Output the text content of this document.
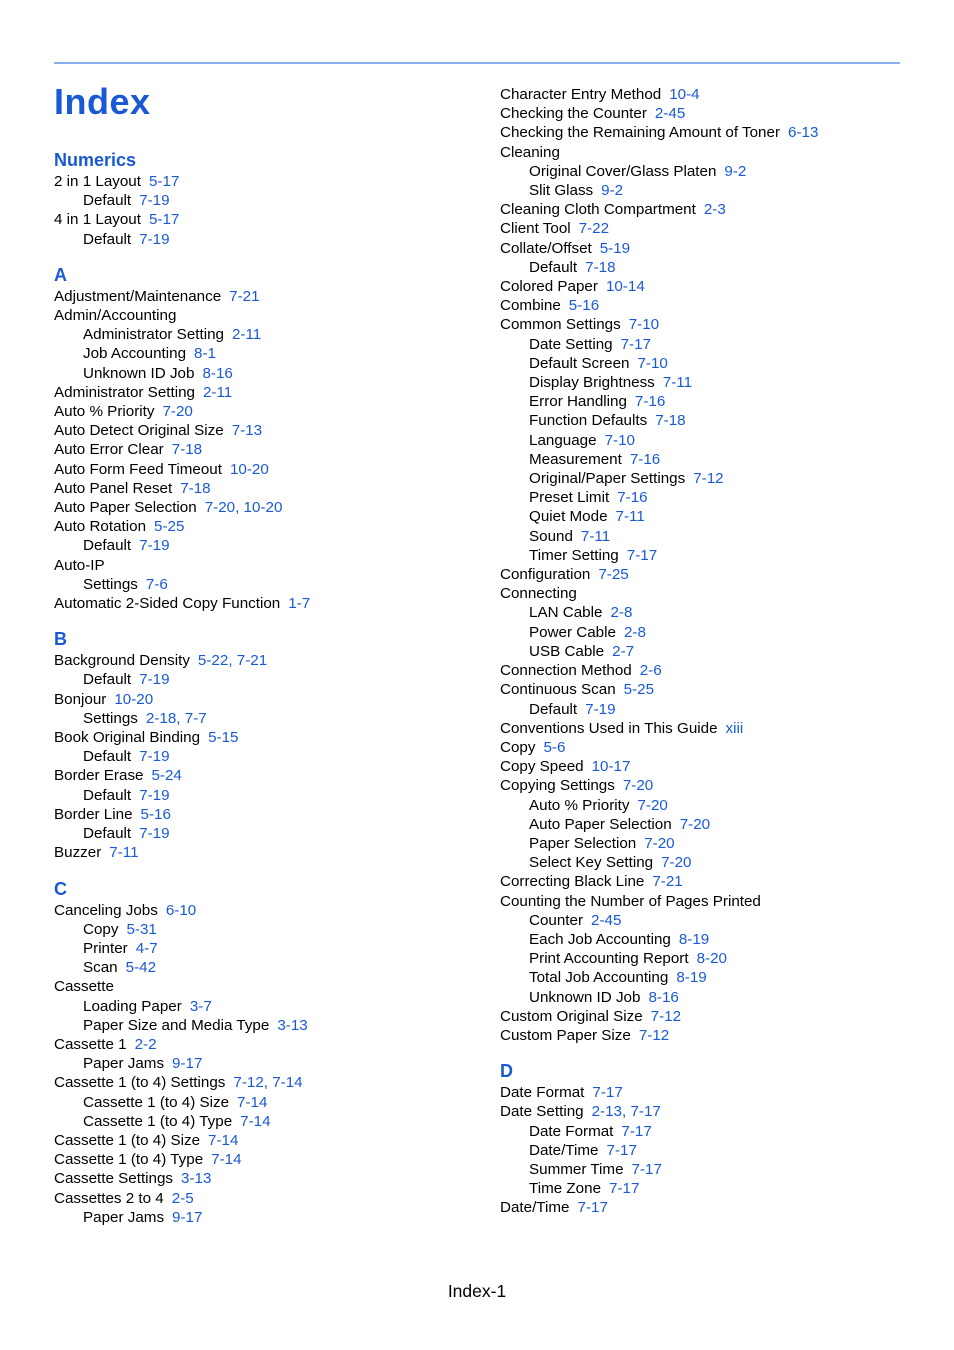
Index
Numerics
2 in 1 Layout 5-17
Default 7-19
4 in 1 Layout 5-17
Default 7-19
A
Adjustment/Maintenance 7-21
Admin/Accounting
Administrator Setting 2-11
Job Accounting 8-1
Unknown ID Job 8-16
Administrator Setting 2-11
Auto % Priority 7-20
Auto Detect Original Size 7-13
Auto Error Clear 7-18
Auto Form Feed Timeout 10-20
Auto Panel Reset 7-18
Auto Paper Selection 7-20, 10-20
Auto Rotation 5-25
Default 7-19
Auto-IP
Settings 7-6
Automatic 2-Sided Copy Function 1-7
B
Background Density 5-22, 7-21
Default 7-19
Bonjour 10-20
Settings 2-18, 7-7
Book Original Binding 5-15
Default 7-19
Border Erase 5-24
Default 7-19
Border Line 5-16
Default 7-19
Buzzer 7-11
C
Canceling Jobs 6-10
Copy 5-31
Printer 4-7
Scan 5-42
Cassette
Loading Paper 3-7
Paper Size and Media Type 3-13
Cassette 1 2-2
Paper Jams 9-17
Cassette 1 (to 4) Settings 7-12, 7-14
Cassette 1 (to 4) Size 7-14
Cassette 1 (to 4) Type 7-14
Cassette 1 (to 4) Size 7-14
Cassette 1 (to 4) Type 7-14
Cassette Settings 3-13
Cassettes 2 to 4 2-5
Paper Jams 9-17
Character Entry Method 10-4
Checking the Counter 2-45
Checking the Remaining Amount of Toner 6-13
Cleaning
Original Cover/Glass Platen 9-2
Slit Glass 9-2
Cleaning Cloth Compartment 2-3
Client Tool 7-22
Collate/Offset 5-19
Default 7-18
Colored Paper 10-14
Combine 5-16
Common Settings 7-10
Date Setting 7-17
Default Screen 7-10
Display Brightness 7-11
Error Handling 7-16
Function Defaults 7-18
Language 7-10
Measurement 7-16
Original/Paper Settings 7-12
Preset Limit 7-16
Quiet Mode 7-11
Sound 7-11
Timer Setting 7-17
Configuration 7-25
Connecting
LAN Cable 2-8
Power Cable 2-8
USB Cable 2-7
Connection Method 2-6
Continuous Scan 5-25
Default 7-19
Conventions Used in This Guide xiii
Copy 5-6
Copy Speed 10-17
Copying Settings 7-20
Auto % Priority 7-20
Auto Paper Selection 7-20
Paper Selection 7-20
Select Key Setting 7-20
Correcting Black Line 7-21
Counting the Number of Pages Printed
Counter 2-45
Each Job Accounting 8-19
Print Accounting Report 8-20
Total Job Accounting 8-19
Unknown ID Job 8-16
Custom Original Size 7-12
Custom Paper Size 7-12
D
Date Format 7-17
Date Setting 2-13, 7-17
Date Format 7-17
Date/Time 7-17
Summer Time 7-17
Time Zone 7-17
Date/Time 7-17
Index-1
